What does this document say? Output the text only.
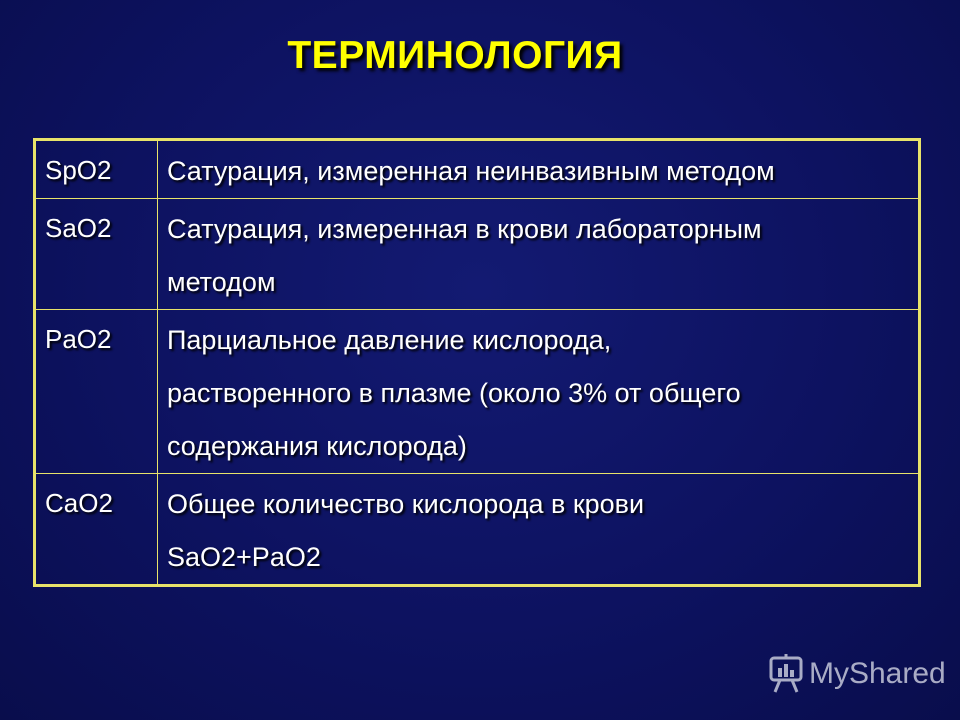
ТЕРМИНОЛОГИЯ
SpO2	Сатурация, измеренная неинвазивным методом

SaO2	Сатурация, измеренная в крови лабораторным
методом

PaO2	Парциальное давление кислорода,
растворенного в плазме (около 3% от общего
содержания кислорода)

CaO2	Общее количество кислорода в крови
SaO2+PaO2
MyShared
